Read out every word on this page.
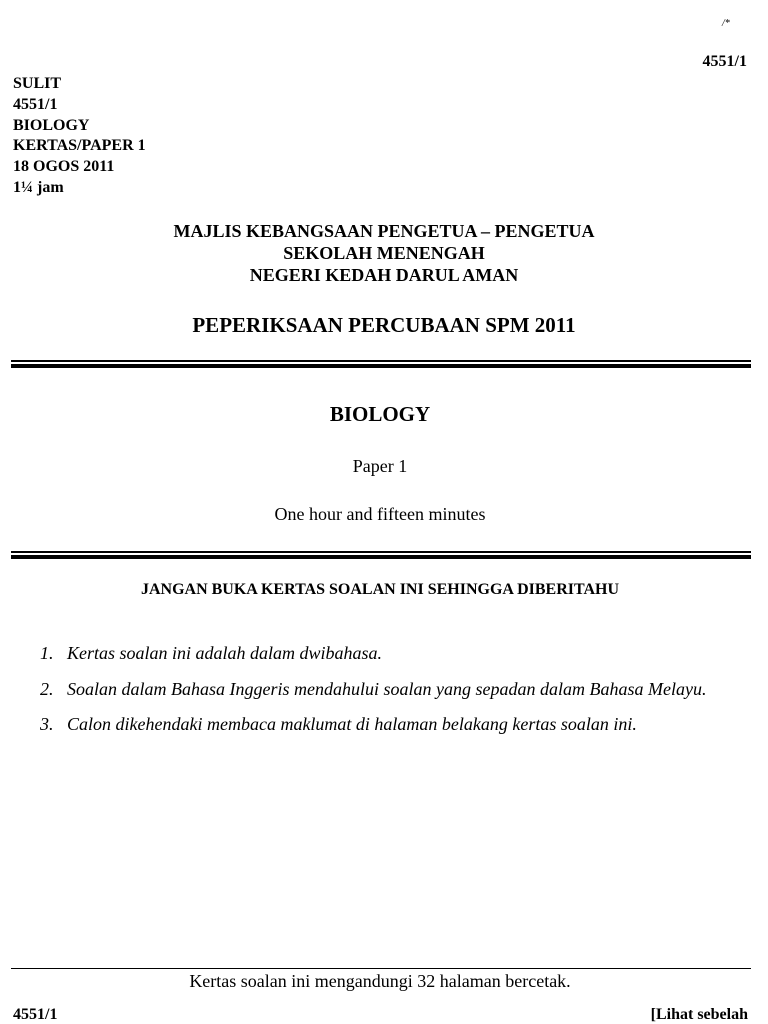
/*
4551/1
SULIT
4551/1
BIOLOGY
KERTAS/PAPER 1
18 OGOS 2011
1¼ jam
MAJLIS KEBANGSAAN PENGETUA – PENGETUA
SEKOLAH MENENGAH
NEGERI KEDAH DARUL AMAN
PEPERIKSAAN PERCUBAAN SPM 2011
BIOLOGY
Paper 1
One hour and fifteen minutes
JANGAN BUKA KERTAS SOALAN INI SEHINGGA DIBERITAHU
1. Kertas soalan ini adalah dalam dwibahasa.
2. Soalan dalam Bahasa Inggeris mendahului soalan yang sepadan dalam Bahasa Melayu.
3. Calon dikehendaki membaca maklumat di halaman belakang kertas soalan ini.
Kertas soalan ini mengandungi 32 halaman bercetak.
4551/1	[Lihat sebelah
